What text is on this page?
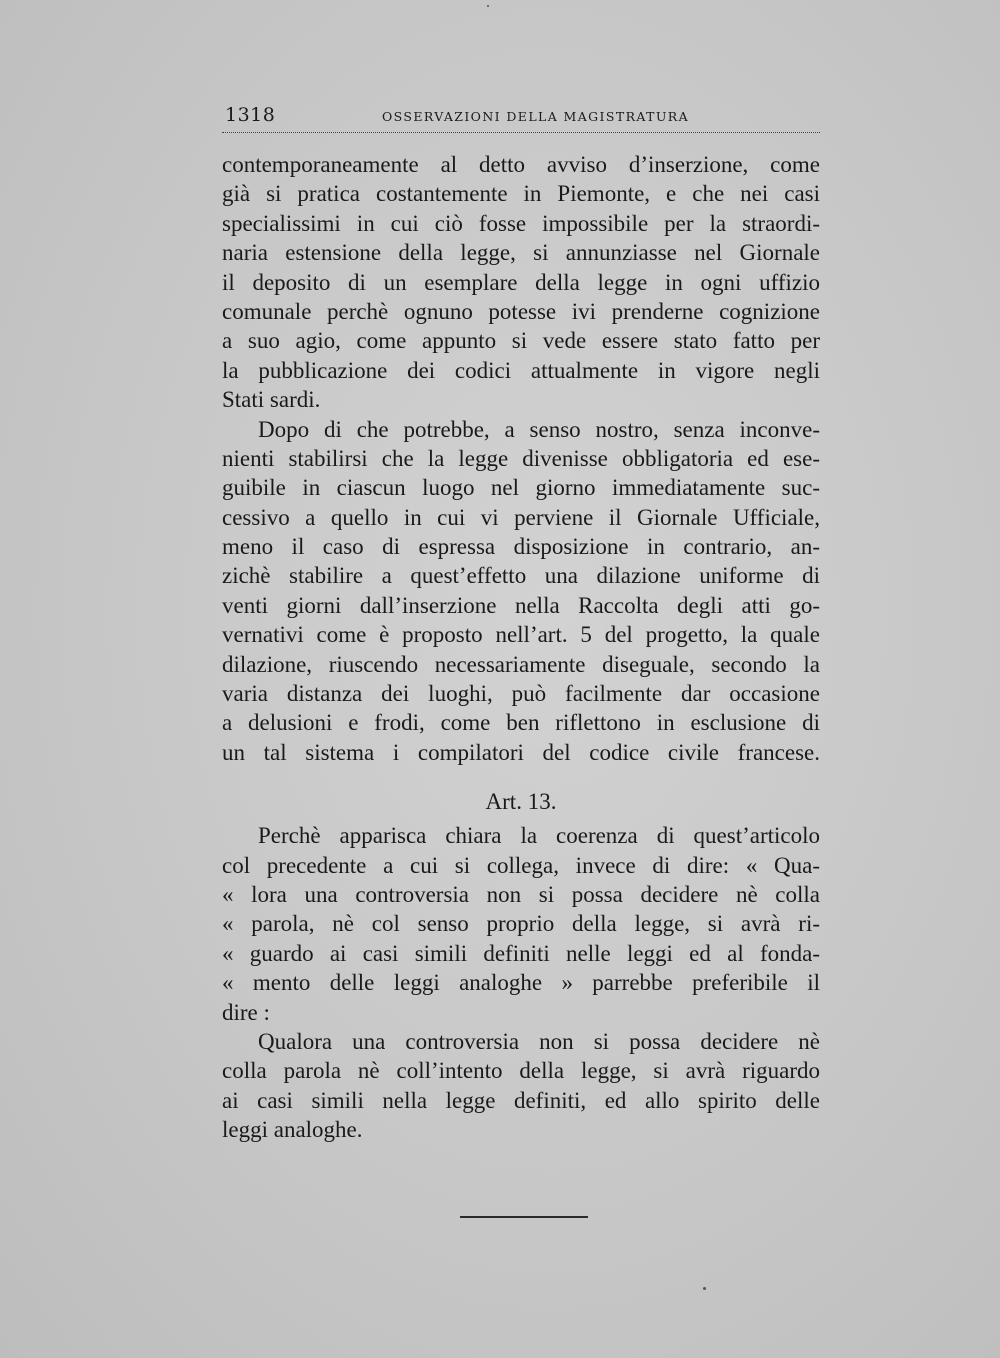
1318	OSSERVAZIONI DELLA MAGISTRATURA
contemporaneamente al detto avviso d’inserzione, come
già si pratica costantemente in Piemonte, e che nei casi
specialissimi in cui ciò fosse impossibile per la straordi-
naria estensione della legge, si annunziasse nel Giornale
il deposito di un esemplare della legge in ogni uffizio
comunale perchè ognuno potesse ivi prenderne cognizione
a suo agio, come appunto si vede essere stato fatto per
la pubblicazione dei codici attualmente in vigore negli
Stati sardi.
Dopo di che potrebbe, a senso nostro, senza inconve-
nienti stabilirsi che la legge divenisse obbligatoria ed ese-
guibile in ciascun luogo nel giorno immediatamente suc-
cessivo a quello in cui vi perviene il Giornale Ufficiale,
meno il caso di espressa disposizione in contrario, an-
zichè stabilire a quest’effetto una dilazione uniforme di
venti giorni dall’inserzione nella Raccolta degli atti go-
vernativi come è proposto nell’art. 5 del progetto, la quale
dilazione, riuscendo necessariamente diseguale, secondo la
varia distanza dei luoghi, può facilmente dar occasione
a delusioni e frodi, come ben riflettono in esclusione di
un tal sistema i compilatori del codice civile francese.
Art. 13.
Perchè apparisca chiara la coerenza di quest’articolo
col precedente a cui si collega, invece di dire: « Qua-
« lora una controversia non si possa decidere nè colla
« parola, nè col senso proprio della legge, si avrà ri-
« guardo ai casi simili definiti nelle leggi ed al fonda-
« mento delle leggi analoghe » parrebbe preferibile il
dire :
Qualora una controversia non si possa decidere nè
colla parola nè coll’intento della legge, si avrà riguardo
ai casi simili nella legge definiti, ed allo spirito delle
leggi analoghe.
